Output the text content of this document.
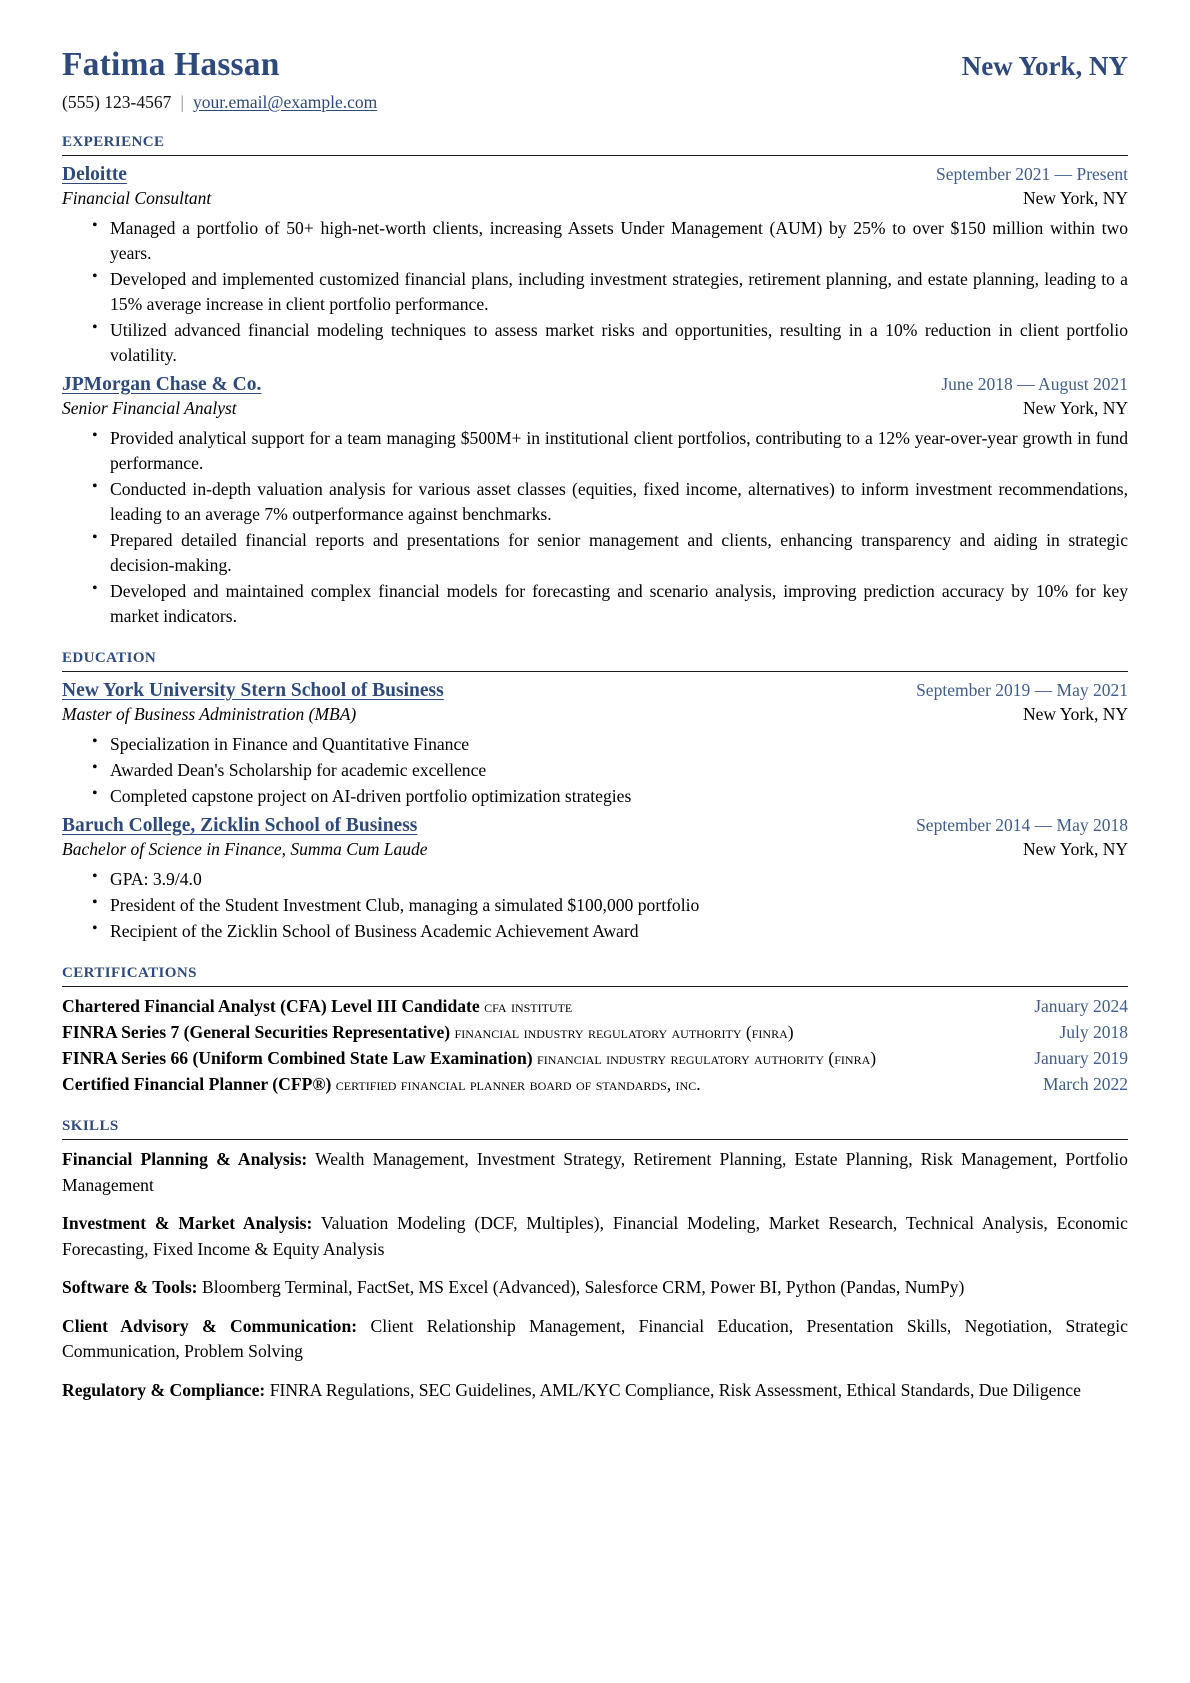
Fatima Hassan	New York, NY
(555) 123-4567 | your.email@example.com
experience
Deloitte	September 2021 — Present
Financial Consultant	New York, NY
• Managed a portfolio of 50+ high-net-worth clients, increasing Assets Under Management (AUM) by 25% to over $150 million within two years.
• Developed and implemented customized financial plans, including investment strategies, retirement planning, and estate planning, leading to a 15% average increase in client portfolio performance.
• Utilized advanced financial modeling techniques to assess market risks and opportunities, resulting in a 10% reduction in client portfolio volatility.
JPMorgan Chase & Co.	June 2018 — August 2021
Senior Financial Analyst	New York, NY
• Provided analytical support for a team managing $500M+ in institutional client portfolios, contributing to a 12% year-over-year growth in fund performance.
• Conducted in-depth valuation analysis for various asset classes (equities, fixed income, alternatives) to inform investment recommendations, leading to an average 7% outperformance against benchmarks.
• Prepared detailed financial reports and presentations for senior management and clients, enhancing transparency and aiding in strategic decision-making.
• Developed and maintained complex financial models for forecasting and scenario analysis, improving prediction accuracy by 10% for key market indicators.
education
New York University Stern School of Business	September 2019 — May 2021
Master of Business Administration (MBA)	New York, NY
• Specialization in Finance and Quantitative Finance
• Awarded Dean's Scholarship for academic excellence
• Completed capstone project on AI-driven portfolio optimization strategies
Baruch College, Zicklin School of Business	September 2014 — May 2018
Bachelor of Science in Finance, Summa Cum Laude	New York, NY
• GPA: 3.9/4.0
• President of the Student Investment Club, managing a simulated $100,000 portfolio
• Recipient of the Zicklin School of Business Academic Achievement Award
certifications
Chartered Financial Analyst (CFA) Level III Candidate cfa institute	January 2024
FINRA Series 7 (General Securities Representative) financial industry regulatory authority (finra)	July 2018
FINRA Series 66 (Uniform Combined State Law Examination) financial industry regulatory authority (finra)	January 2019
Certified Financial Planner (CFP®) certified financial planner board of standards, inc.	March 2022
skills
Financial Planning & Analysis: Wealth Management, Investment Strategy, Retirement Planning, Estate Planning, Risk Management, Portfolio Management
Investment & Market Analysis: Valuation Modeling (DCF, Multiples), Financial Modeling, Market Research, Technical Analysis, Economic Forecasting, Fixed Income & Equity Analysis
Software & Tools: Bloomberg Terminal, FactSet, MS Excel (Advanced), Salesforce CRM, Power BI, Python (Pandas, NumPy)
Client Advisory & Communication: Client Relationship Management, Financial Education, Presentation Skills, Negotiation, Strategic Communication, Problem Solving
Regulatory & Compliance: FINRA Regulations, SEC Guidelines, AML/KYC Compliance, Risk Assessment, Ethical Standards, Due Diligence
